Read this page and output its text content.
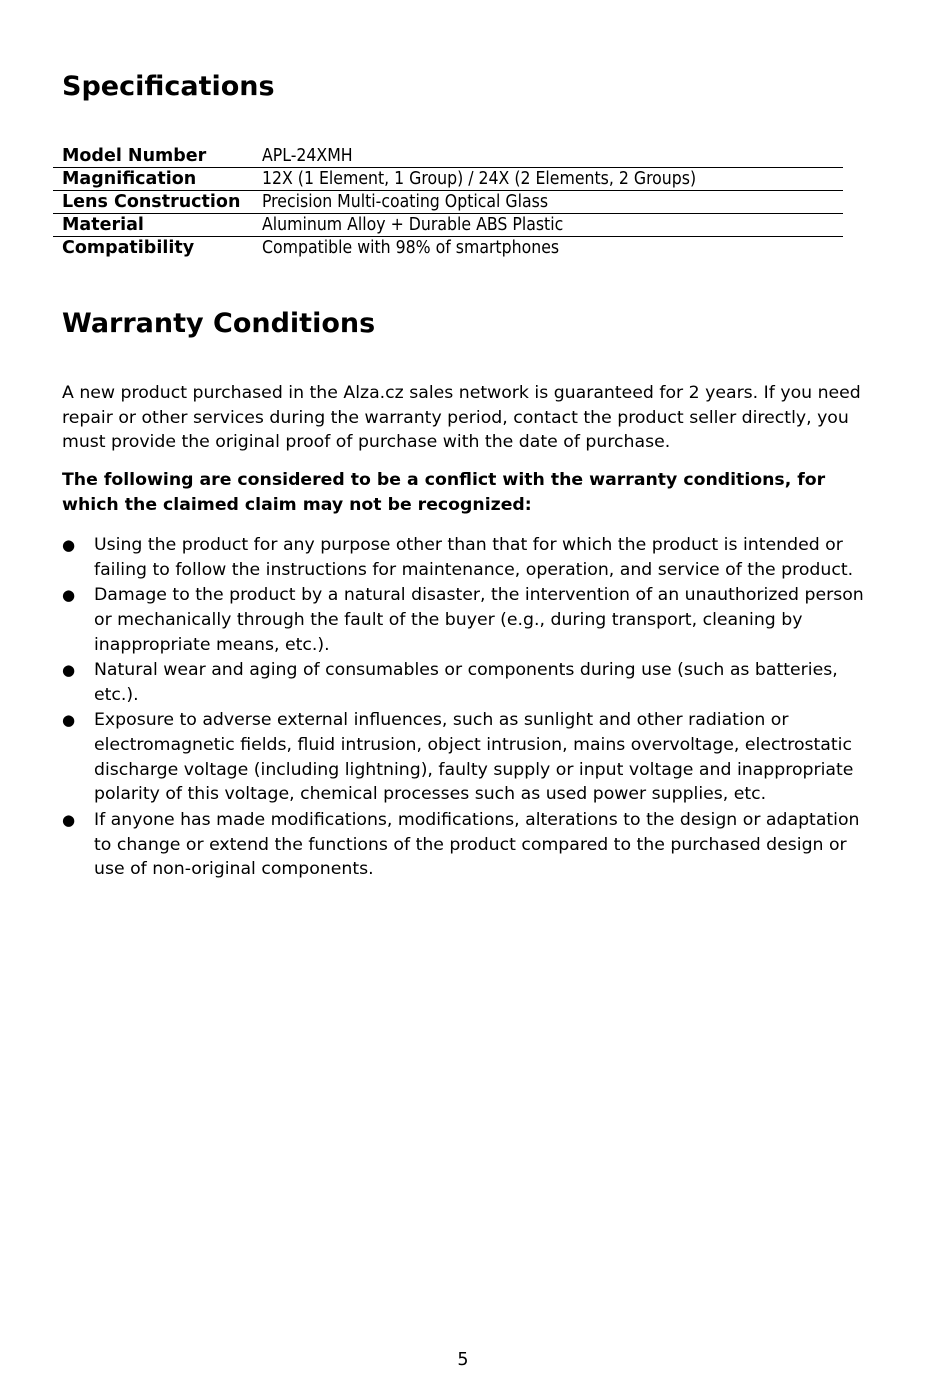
Specifications
Model Number	APL-24XMH
Magnification	12X (1 Element, 1 Group) / 24X (2 Elements, 2 Groups)
Lens Construction	Precision Multi-coating Optical Glass
Material	Aluminum Alloy + Durable ABS Plastic
Compatibility	Compatible with 98% of smartphones
Warranty Conditions

A new product purchased in the Alza.cz sales network is guaranteed for 2 years. If you need repair or other services during the warranty period, contact the product seller directly, you must provide the original proof of purchase with the date of purchase.

The following are considered to be a conflict with the warranty conditions, for which the claimed claim may not be recognized:

● Using the product for any purpose other than that for which the product is intended or failing to follow the instructions for maintenance, operation, and service of the product.
● Damage to the product by a natural disaster, the intervention of an unauthorized person or mechanically through the fault of the buyer (e.g., during transport, cleaning by inappropriate means, etc.).
● Natural wear and aging of consumables or components during use (such as batteries, etc.).
● Exposure to adverse external influences, such as sunlight and other radiation or electromagnetic fields, fluid intrusion, object intrusion, mains overvoltage, electrostatic discharge voltage (including lightning), faulty supply or input voltage and inappropriate polarity of this voltage, chemical processes such as used power supplies, etc.
● If anyone has made modifications, modifications, alterations to the design or adaptation to change or extend the functions of the product compared to the purchased design or use of non-original components.
5
